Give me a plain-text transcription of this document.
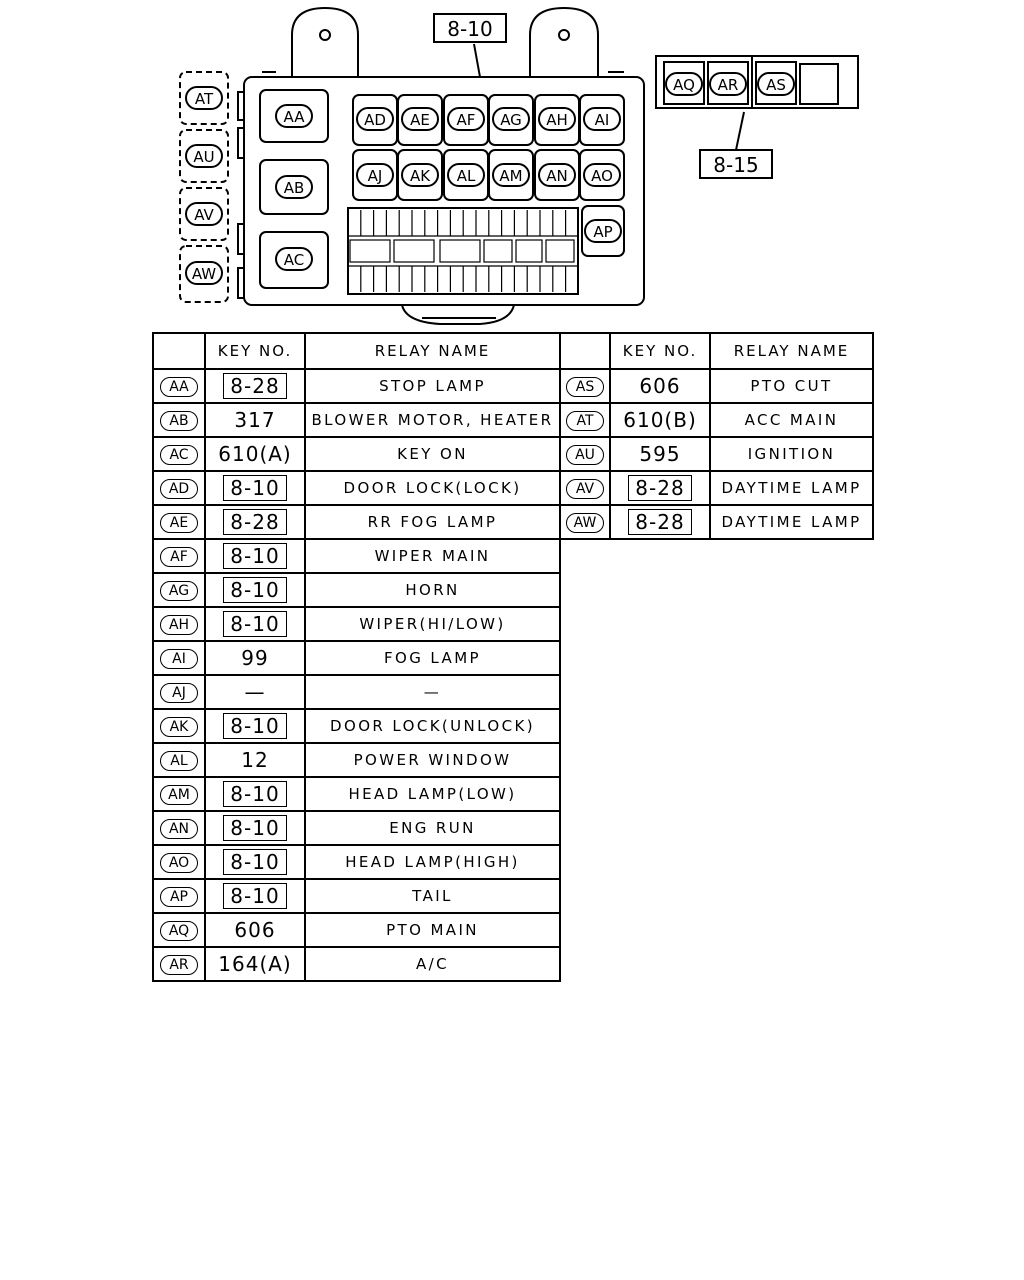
8-10
AT
AU
AV
AW
AA
AB
AC
AD AE AF AG AH AI
AJ AK AL AM AN AO
AP
AQ AR AS
8-15
	KEY NO.	RELAY NAME
AA	8-28	STOP LAMP
AB	317	BLOWER MOTOR, HEATER
AC	610(A)	KEY ON
AD	8-10	DOOR LOCK(LOCK)
AE	8-28	RR FOG LAMP
AF	8-10	WIPER MAIN
AG	8-10	HORN
AH	8-10	WIPER(HI/LOW)
AI	99	FOG LAMP
AJ	—	—
AK	8-10	DOOR LOCK(UNLOCK)
AL	12	POWER WINDOW
AM	8-10	HEAD LAMP(LOW)
AN	8-10	ENG RUN
AO	8-10	HEAD LAMP(HIGH)
AP	8-10	TAIL
AQ	606	PTO MAIN
AR	164(A)	A/C
	KEY NO.	RELAY NAME
AS	606	PTO CUT
AT	610(B)	ACC MAIN
AU	595	IGNITION
AV	8-28	DAYTIME LAMP
AW	8-28	DAYTIME LAMP
